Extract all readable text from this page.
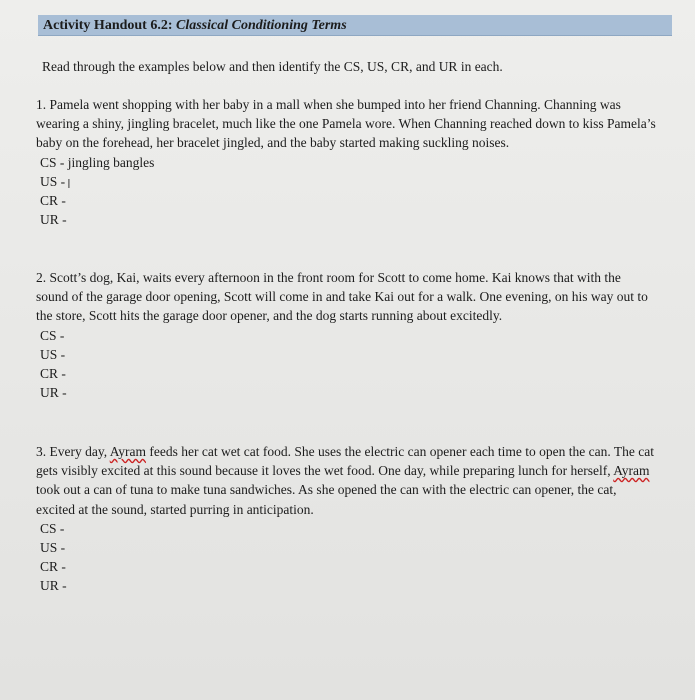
Activity Handout 6.2: Classical Conditioning Terms
Read through the examples below and then identify the CS, US, CR, and UR in each.

1. Pamela went shopping with her baby in a mall when she bumped into her friend Channing. Channing was wearing a shiny, jingling bracelet, much like the one Pamela wore. When Channing reached down to kiss Pamela’s baby on the forehead, her bracelet jingled, and the baby started making suckling noises.

CS - jingling bangles
US - I
CR -
UR -

2. Scott’s dog, Kai, waits every afternoon in the front room for Scott to come home. Kai knows that with the sound of the garage door opening, Scott will come in and take Kai out for a walk. One evening, on his way out to the store, Scott hits the garage door opener, and the dog starts running about excitedly.

CS -
US -
CR -
UR -

3. Every day, Ayram feeds her cat wet cat food. She uses the electric can opener each time to open the can. The cat gets visibly excited at this sound because it loves the wet food. One day, while preparing lunch for herself, Ayram took out a can of tuna to make tuna sandwiches. As she opened the can with the electric can opener, the cat, excited at the sound, started purring in anticipation.

CS -
US -
CR -
UR -
